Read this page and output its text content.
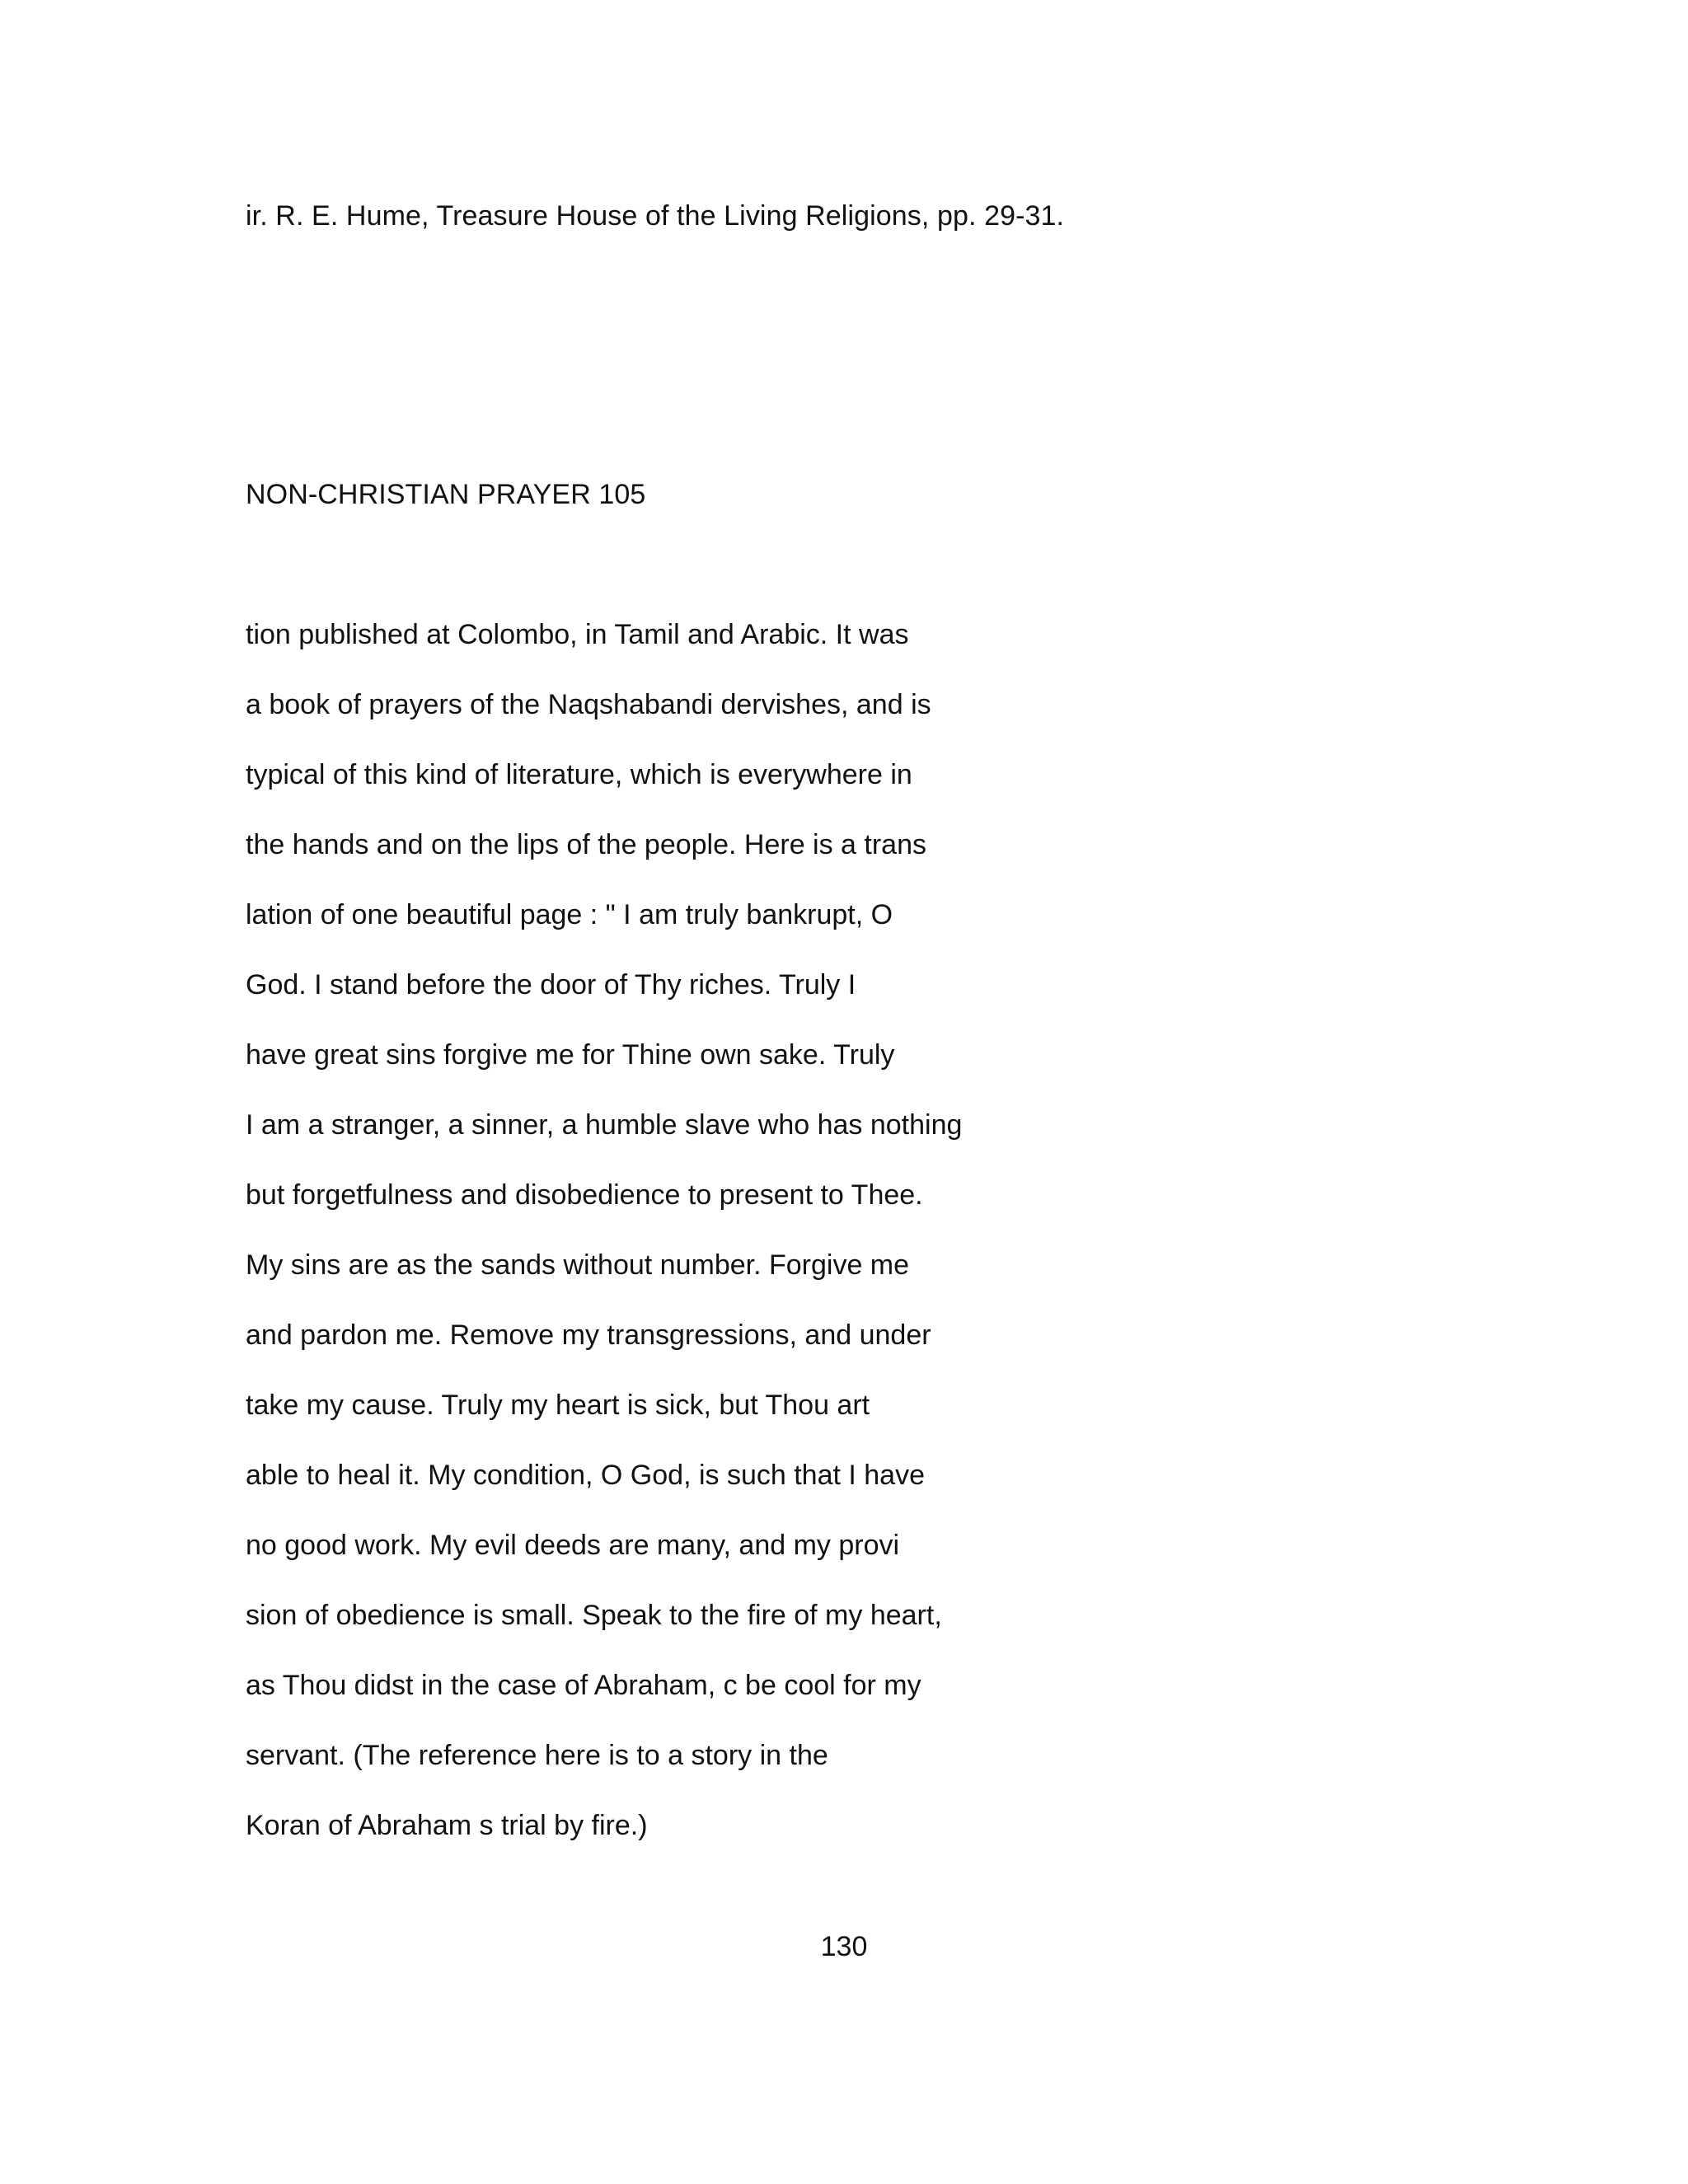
ir. R. E. Hume, Treasure House of the Living Religions, pp. 29-31.
NON-CHRISTIAN PRAYER 105
tion published at Colombo, in Tamil and Arabic. It was
a book of prayers of the Naqshabandi dervishes, and is
typical of this kind of literature, which is everywhere in
the hands and on the lips of the people. Here is a trans
lation of one beautiful page : " I am truly bankrupt, O
God. I stand before the door of Thy riches. Truly I
have great sins forgive me for Thine own sake. Truly
I am a stranger, a sinner, a humble slave who has nothing
but forgetfulness and disobedience to present to Thee.
My sins are as the sands without number. Forgive me
and pardon me. Remove my transgressions, and under
take my cause. Truly my heart is sick, but Thou art
able to heal it. My condition, O God, is such that I have
no good work. My evil deeds are many, and my provi
sion of obedience is small. Speak to the fire of my heart,
as Thou didst in the case of Abraham, c be cool for my
servant. (The reference here is to a story in the
Koran of Abraham s trial by fire.)
130
